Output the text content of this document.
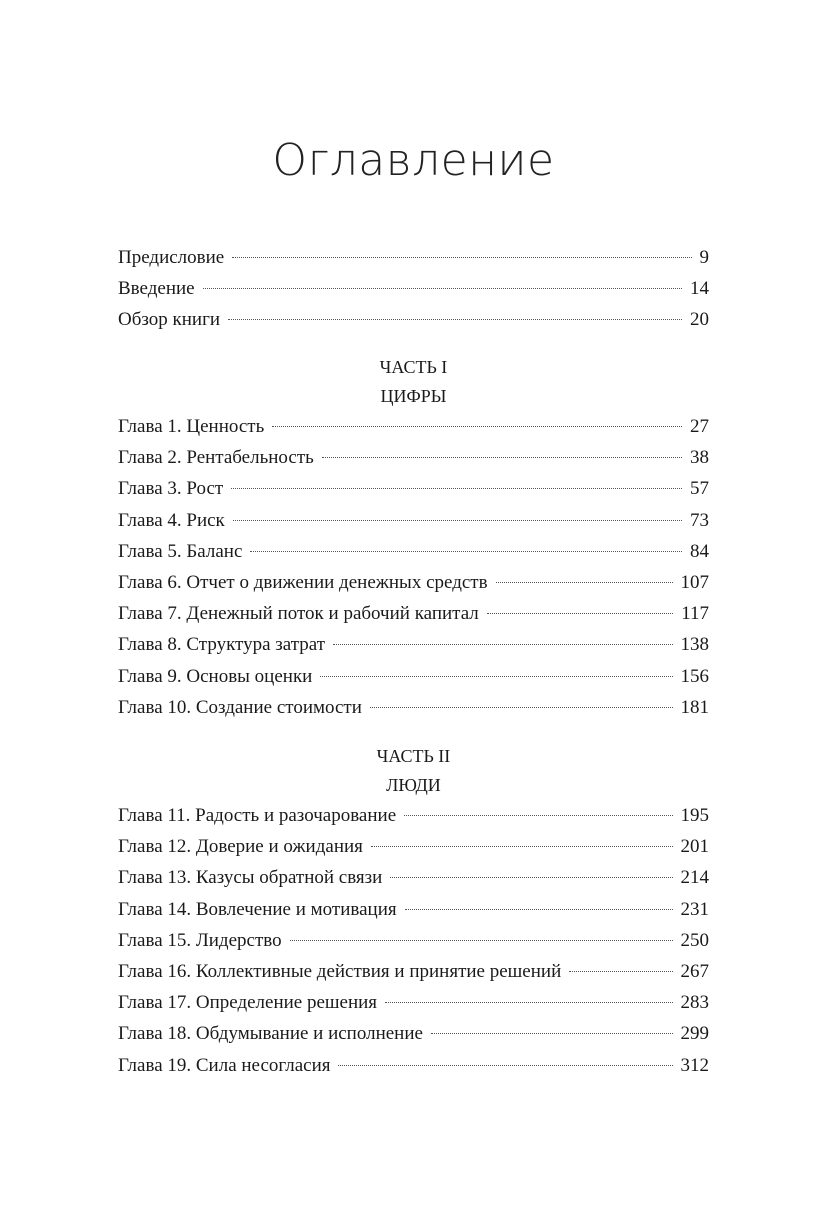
Оглавление
Предисловие	9
Введение	14
Обзор книги	20
ЧАСТЬ I
ЦИФРЫ
Глава 1. Ценность	27
Глава 2. Рентабельность	38
Глава 3. Рост	57
Глава 4. Риск	73
Глава 5. Баланс	84
Глава 6. Отчет о движении денежных средств	107
Глава 7. Денежный поток и рабочий капитал	117
Глава 8. Структура затрат	138
Глава 9. Основы оценки	156
Глава 10. Создание стоимости	181
ЧАСТЬ II
ЛЮДИ
Глава 11. Радость и разочарование	195
Глава 12. Доверие и ожидания	201
Глава 13. Казусы обратной связи	214
Глава 14. Вовлечение и мотивация	231
Глава 15. Лидерство	250
Глава 16. Коллективные действия и принятие решений	267
Глава 17. Определение решения	283
Глава 18. Обдумывание и исполнение	299
Глава 19. Сила несогласия	312
